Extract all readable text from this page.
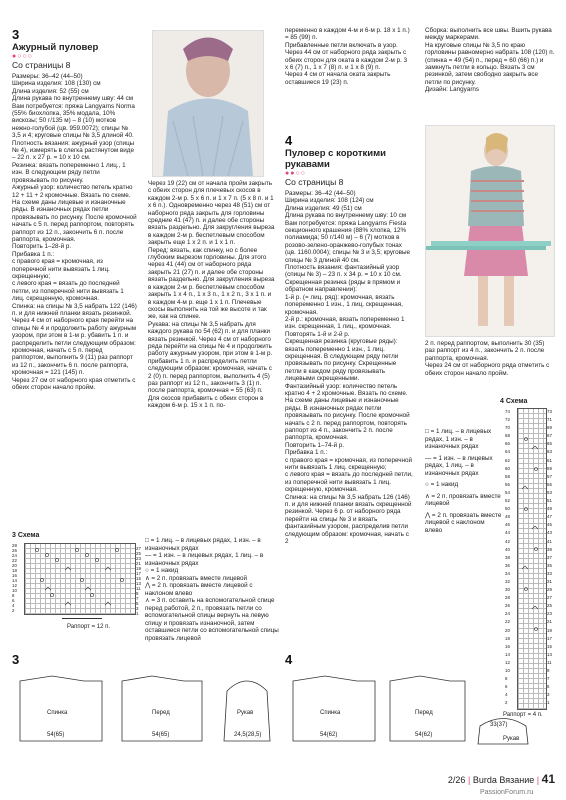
3
Ажурный пуловер
●○○○
Со страницы 8
Размеры: 36–42 (44–50)
Ширина изделия: 108 (130) см
Длина изделия: 52 (55) см
Длина рукава по внутреннему шву: 44 см
Вам потребуется: пряжа Langyarns Norma (55% биохлопка, 35% модала, 10% вискозы; 50 г/135 м) – 8 (10) мотков нежно-голубой (цв. 959.0072); спицы № 3,5 и 4; круговые спицы № 3,5 длиной 40.
Плотность вязания: ажурный узор (спицы № 4), измерять в слегка растянутом виде – 22 п. x 27 р. = 10 x 10 см.
Резинка: вязать попеременно 1 лиц., 1 изн. В следующем ряду петли провязывать по рисунку.
Ажурный узор: количество петель кратно 12 + 11 + 2 кромочные. Вязать по схеме. На схеме даны лицевые и изнаночные ряды. В изнаночных рядах петли провязывать по рисунку. После кромочной начать с 5 п. перед раппортом, повторять раппорт из 12 п., закончить 6 п. после раппорта, кромочная.
Повторить 1–28-й р.
Прибавка 1 п.:
с правого края = кромочная, из поперечной нити вывязать 1 лиц. скрещенную;
с левого края = вязать до последней петли, из поперечной нити вывязать 1 лиц. скрещенную, кромочная.
Спинка: на спицы № 3,5 набрать 122 (146) п. и для нижней планки вязать резинкой. Через 4 см от наборного края перейти на спицы № 4 и продолжить работу ажурным узором, при этом в 1-м р. убавить 1 п. и распределить петли следующим образом: кромочная, начать с 5 п. перед раппортом, выполнить 9 (11) раз раппорт из 12 п., закончить 6 п. после раппорта, кромочная = 121 (145) п.
Через 27 см от наборного края отметить с обеих сторон начало пройм.
Через 19 (22) см от начала пройм закрыть с обеих сторон для плечевых скосов в каждом 2-м р. 5 x 6 п. и 1 x 7 п. (5 x 8 п. и 1 x 6 п.). Одновременно через 48 (51) см от наборного ряда закрыть для горловины средние 41 (47) п. и далее обе стороны вязать раздельно. Для закругления выреза в каждом 2-м р. беспетлевым способом закрыть еще 1 x 2 п. и 1 x 1 п.
Перед: вязать, как спинку, но с более глубоким вырезом горловины. Для этого через 41 (44) см от наборного ряда закрыть 21 (27) п. и далее обе стороны вязать раздельно. Для закругления выреза в каждом 2-м р. беспетлевым способом закрыть 1 x 4 п., 1 x 3 п., 1 x 2 п., 3 x 1 п. и в каждом 4-м р. еще 1 x 1 п. Плечевые скосы выполнить на той же высоте и так же, как на спинке.
Рукава: на спицы № 3,5 набрать для каждого рукава по 54 (62) п. и для планки вязать резинкой. Через 4 см от наборного ряда перейти на спицы № 4 и продолжить работу ажурным узором, при этом в 1-м р. прибавить 1 п. и распределить петли следующим образом: кромочная, начать с 2 (0) п. перед раппортом, выполнить 4 (5) раз раппорт из 12 п., закончить 3 (1) п. после раппорта, кромочная = 55 (63) п.
Для скосов прибавить с обеих сторон в каждом 6-м р. 15 x 1 п. по-
переменно в каждом 4-м и 6-м р. 18 x 1 п.) = 85 (99) п.
Прибавленные петли включать в узор. Через 44 см от наборного ряда закрыть с обеих сторон для оката в каждом 2-м р. 3 x 6 (7) п., 1 x 7 (8) п. и 1 x 8 (9) п.
Через 4 см от начала оката закрыть оставшиеся 19 (23) п.
Сборка: выполнить все швы. Вшить рукава между маркерами.
На круговые спицы № 3,5 по краю горловины равномерно набрать 108 (120) п. (спинка = 49 (54) п., перед = 60 (66) п.) и замкнуть петли в кольцо. Вязать 3 см резинкой, затем свободно закрыть все петли по рисунку.
Дизайн: Langyarns
4
Пуловер с короткими рукавами
●●○○
Со страницы 8
Размеры: 36–42 (44–50)
Ширина изделия: 108 (124) см
Длина изделия: 49 (51) см
Длина рукава по внутреннему шву: 10 см
Вам потребуется: пряжа Langyarns Fiesta секционного крашения (88% хлопка, 12% полиамида; 50 г/140 м) – 6 (7) мотков в розово-зелено-оранжево-голубых тонах (цв. 1160.0004); спицы № 3 и 3,5; круговые спицы № 3 длиной 40 см.
Плотность вязания: фантазийный узор (спицы № 3) – 23 п. x 34 р. = 10 x 10 см.
Скрещенная резинка (ряды в прямом и обратном направлении):
1-й р. (= лиц. ряд): кромочная, вязать попеременно 1 изн., 1 лиц. скрещенная, кромочная.
2-й р.: кромочная, вязать попеременно 1 изн. скрещенная, 1 лиц., кромочная.
Повторять 1-й и 2-й р.
Скрещенная резинка (круговые ряды): вязать попеременно 1 изн., 1 лиц. скрещенная. В следующем ряду петли провязывать по рисунку. Скрещенные петли в каждом ряду провязывать лицевыми скрещенными.
Фантазийный узор: количество петель кратно 4 + 2 кромочные. Вязать по схеме. На схеме даны лицевые и изнаночные ряды. В изнаночных рядах петли провязывать по рисунку. После кромочной начать с 2 п. перед раппортом, повторять раппорт из 4 п., закончить 2 п. после раппорта, кромочная.
Повторить 1–74-й р.
Прибавка 1 п.:
с правого края = кромочная, из поперечной нити вывязать 1 лиц. скрещенную;
с левого края = вязать до последней петли, из поперечной нити вывязать 1 лиц. скрещенную, кромочная.
Спинка: на спицы № 3,5 набрать 126 (146) п. и для нижней планки вязать скрещенной резинкой. Через 6 р. от наборного ряда перейти на спицы № 3 и вязать фантазийным узором, распределив петли следующим образом: кромочная, начать с 2
2 п. перед раппортом, выполнить 30 (35) раз раппорт из 4 п., закончить 2 п. после раппорта, кромочная.
Через 24 см от наборного ряда отметить с обеих сторон начало пройм.
3 Схема
28
26
24
22
20
18
16
14
12
10
8
6
4
2
27
25
23
21
19
17
15
13
11
9
7
5
3
1
Раппорт = 12 п.
□ = 1 лиц. – в лицевых рядах, 1 изн. – в изнаночных рядах
— = 1 изн. – в лицевых рядах, 1 лиц. – в изнаночных рядах
○ = 1 накид
∧ = 2 п. провязать вместе лицевой
⋀ = 2 п. провязать вместе лицевой с наклоном влево
⋏ = 3 п. оставить на вспомогательной спице перед работой, 2 п., провязать петли со вспомогательной спицы вернуть на левую спицу и провязать изнаночной, затем оставшиеся петли со вспомогательной спицы провязать лицевой
3
Спинка	Перед	Рукав
54(65)	54(65)	24,5(28,5)
4 Схема
73
71
69
67
65
63
61
59
57
55
53
51
49
47
45
43
41
39
37
35
33
31
29
27
25
23
21
19
17
15
13
11
9
7
5
3
1
74
72
70
68
66
64
62
60
58
56
54
52
50
48
46
44
42
40
38
36
34
32
30
28
26
24
22
20
18
16
14
12
10
8
6
4
2
Раппорт = 4 п.
□ = 1 лиц. – в лицевых рядах, 1 изн. – в изнаночных рядах
— = 1 изн. – в лицевых рядах, 1 лиц. – в изнаночных рядах
○ = 1 накид
∧ = 2 п. провязать вместе лицевой
⋀ = 2 п. провязать вместе лицевой с наклоном влево
4
Спинка	Перед
Рукав
54(62)	54(62)
33(37)
2/26 | Burda Вязание | 41
PassionForum.ru
